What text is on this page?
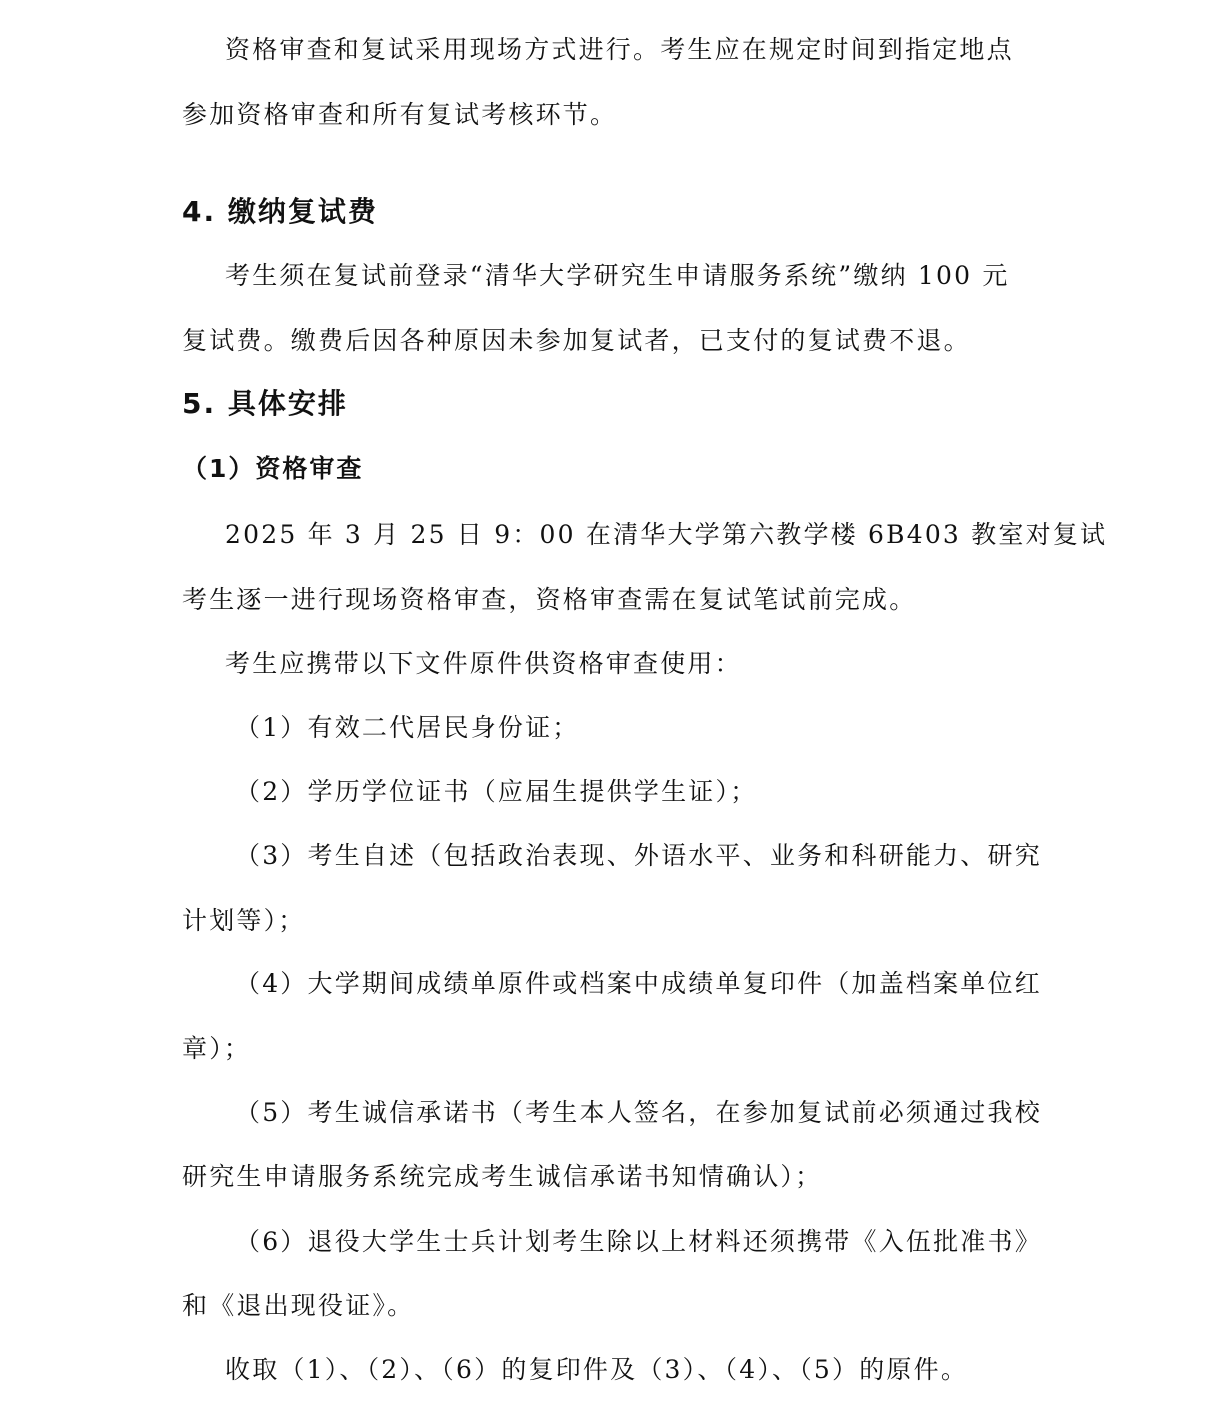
资格审查和复试采用现场方式进行。考生应在规定时间到指定地点
参加资格审查和所有复试考核环节。
4. 缴纳复试费
考生须在复试前登录“清华大学研究生申请服务系统”缴纳 100 元
复试费。缴费后因各种原因未参加复试者，已支付的复试费不退。
5. 具体安排
（1）资格审查
2025 年 3 月 25 日 9：00 在清华大学第六教学楼 6B403 教室对复试
考生逐一进行现场资格审查，资格审查需在复试笔试前完成。
考生应携带以下文件原件供资格审查使用：
（1）有效二代居民身份证；
（2）学历学位证书（应届生提供学生证）；
（3）考生自述（包括政治表现、外语水平、业务和科研能力、研究
计划等）；
（4）大学期间成绩单原件或档案中成绩单复印件（加盖档案单位红
章）；
（5）考生诚信承诺书（考生本人签名，在参加复试前必须通过我校
研究生申请服务系统完成考生诚信承诺书知情确认）；
（6）退役大学生士兵计划考生除以上材料还须携带《入伍批准书》
和《退出现役证》。
收取（1）、（2）、（6）的复印件及（3）、（4）、（5）的原件。
